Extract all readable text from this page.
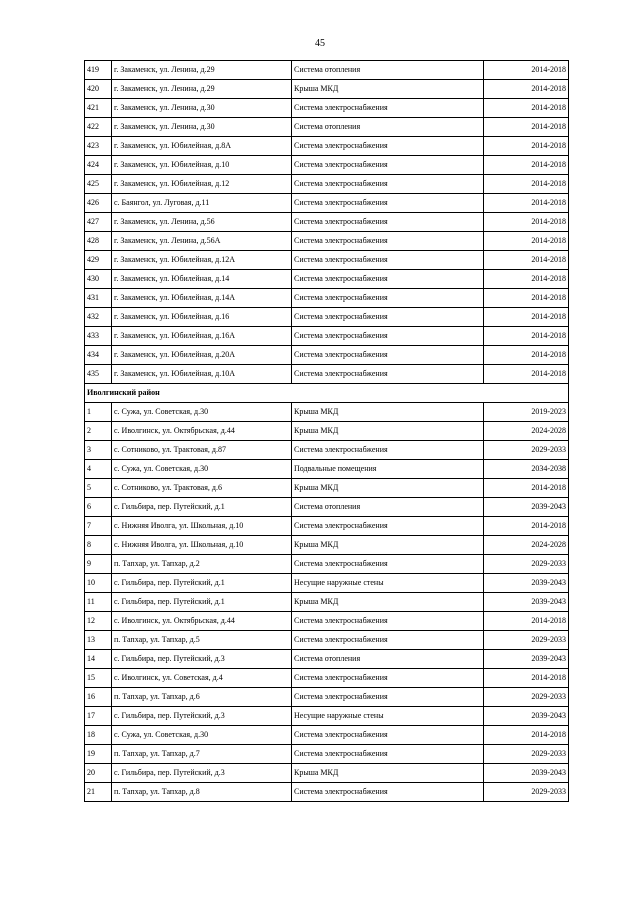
45
419	г. Закаменск, ул. Ленина, д.29	Система отопления	2014-2018
420	г. Закаменск, ул. Ленина, д.29	Крыша МКД	2014-2018
421	г. Закаменск, ул. Ленина, д.30	Система электроснабжения	2014-2018
422	г. Закаменск, ул. Ленина, д.30	Система отопления	2014-2018
423	г. Закаменск, ул. Юбилейная, д.8А	Система электроснабжения	2014-2018
424	г. Закаменск, ул. Юбилейная, д.10	Система электроснабжения	2014-2018
425	г. Закаменск, ул. Юбилейная, д.12	Система электроснабжения	2014-2018
426	с. Баянгол, ул. Луговая, д.11	Система электроснабжения	2014-2018
427	г. Закаменск, ул. Ленина, д.56	Система электроснабжения	2014-2018
428	г. Закаменск, ул. Ленина, д.56А	Система электроснабжения	2014-2018
429	г. Закаменск, ул. Юбилейная, д.12А	Система электроснабжения	2014-2018
430	г. Закаменск, ул. Юбилейная, д.14	Система электроснабжения	2014-2018
431	г. Закаменск, ул. Юбилейная, д.14А	Система электроснабжения	2014-2018
432	г. Закаменск, ул. Юбилейная, д.16	Система электроснабжения	2014-2018
433	г. Закаменск, ул. Юбилейная, д.16А	Система электроснабжения	2014-2018
434	г. Закаменск, ул. Юбилейная, д.20А	Система электроснабжения	2014-2018
435	г. Закаменск, ул. Юбилейная, д.10А	Система электроснабжения	2014-2018
Иволгинский район			
1	с. Сужа, ул. Советская, д.30	Крыша МКД	2019-2023
2	с. Иволгинск, ул. Октябрьская, д.44	Крыша МКД	2024-2028
3	с. Сотниково, ул. Трактовая, д.87	Система электроснабжения	2029-2033
4	с. Сужа, ул. Советская, д.30	Подвальные помещения	2034-2038
5	с. Сотниково, ул. Трактовая, д.6	Крыша МКД	2014-2018
6	с. Гильбира, пер. Путейский, д.1	Система отопления	2039-2043
7	с. Нижняя Иволга, ул. Школьная, д.10	Система электроснабжения	2014-2018
8	с. Нижняя Иволга, ул. Школьная, д.10	Крыша МКД	2024-2028
9	п. Тапхар, ул. Тапхар, д.2	Система электроснабжения	2029-2033
10	с. Гильбира, пер. Путейский, д.1	Несущие наружные стены	2039-2043
11	с. Гильбира, пер. Путейский, д.1	Крыша МКД	2039-2043
12	с. Иволгинск, ул. Октябрьская, д.44	Система электроснабжения	2014-2018
13	п. Тапхар, ул. Тапхар, д.5	Система электроснабжения	2029-2033
14	с. Гильбира, пер. Путейский, д.3	Система отопления	2039-2043
15	с. Иволгинск, ул. Советская, д.4	Система электроснабжения	2014-2018
16	п. Тапхар, ул. Тапхар, д.6	Система электроснабжения	2029-2033
17	с. Гильбира, пер. Путейский, д.3	Несущие наружные стены	2039-2043
18	с. Сужа, ул. Советская, д.30	Система электроснабжения	2014-2018
19	п. Тапхар, ул. Тапхар, д.7	Система электроснабжения	2029-2033
20	с. Гильбира, пер. Путейский, д.3	Крыша МКД	2039-2043
21	п. Тапхар, ул. Тапхар, д.8	Система электроснабжения	2029-2033
